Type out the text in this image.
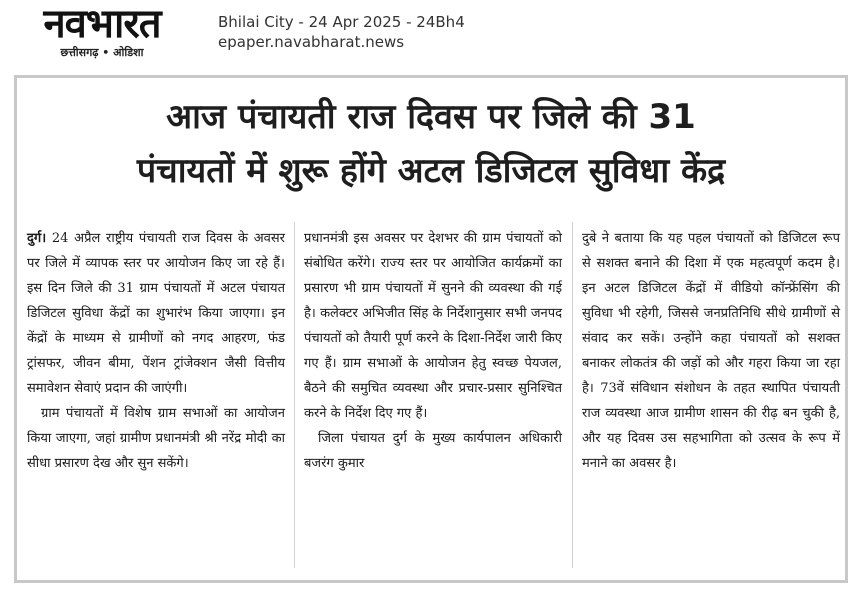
नवभारत
छत्तीसगढ़ • ओडिशा
Bhilai City - 24 Apr 2025 - 24Bh4
epaper.navabharat.news
आज पंचायती राज दिवस पर जिले की 31
पंचायतों में शुरू होंगे अटल डिजिटल सुविधा केंद्र

दुर्ग। 24 अप्रैल राष्ट्रीय पंचायती राज दिवस के अवसर पर जिले में व्यापक स्तर पर आयोजन किए जा रहे हैं। इस दिन जिले की 31 ग्राम पंचायतों में अटल पंचायत डिजिटल सुविधा केंद्रों का शुभारंभ किया जाएगा। इन केंद्रों के माध्यम से ग्रामीणों को नगद आहरण, फंड ट्रांसफर, जीवन बीमा, पेंशन ट्रांजेक्शन जैसी वित्तीय समावेशन सेवाएं प्रदान की जाएंगी।

ग्राम पंचायतों में विशेष ग्राम सभाओं का आयोजन किया जाएगा, जहां ग्रामीण प्रधानमंत्री श्री नरेंद्र मोदी का सीधा प्रसारण देख और सुन सकेंगे।

प्रधानमंत्री इस अवसर पर देशभर की ग्राम पंचायतों को संबोधित करेंगे। राज्य स्तर पर आयोजित कार्यक्रमों का प्रसारण भी ग्राम पंचायतों में सुनने की व्यवस्था की गई है। कलेक्टर अभिजीत सिंह के निर्देशानुसार सभी जनपद पंचायतों को तैयारी पूर्ण करने के दिशा-निर्देश जारी किए गए हैं। ग्राम सभाओं के आयोजन हेतु स्वच्छ पेयजल, बैठने की समुचित व्यवस्था और प्रचार-प्रसार सुनिश्चित करने के निर्देश दिए गए हैं।

जिला पंचायत दुर्ग के मुख्य कार्यपालन अधिकारी बजरंग कुमार

दुबे ने बताया कि यह पहल पंचायतों को डिजिटल रूप से सशक्त बनाने की दिशा में एक महत्वपूर्ण कदम है। इन अटल डिजिटल केंद्रों में वीडियो कॉन्फ्रेंसिंग की सुविधा भी रहेगी, जिससे जनप्रतिनिधि सीधे ग्रामीणों से संवाद कर सकें। उन्होंने कहा पंचायतों को सशक्त बनाकर लोकतंत्र की जड़ों को और गहरा किया जा रहा है। 73वें संविधान संशोधन के तहत स्थापित पंचायती राज व्यवस्था आज ग्रामीण शासन की रीढ़ बन चुकी है, और यह दिवस उस सहभागिता को उत्सव के रूप में मनाने का अवसर है।
